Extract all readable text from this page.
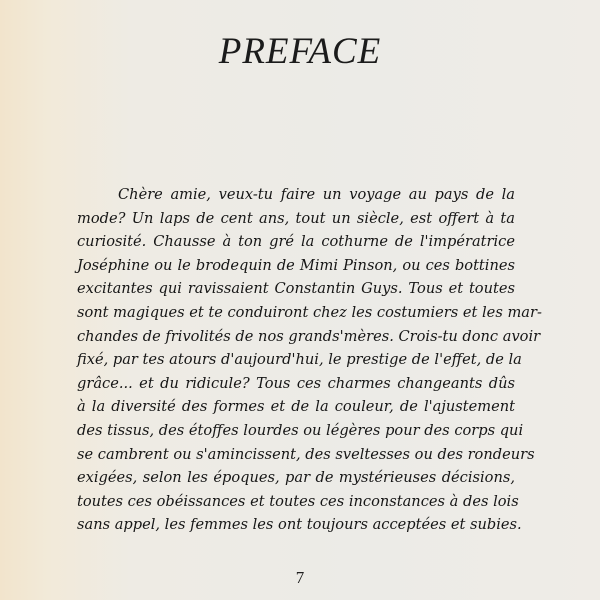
PREFACE
Chère amie, veux-tu faire un voyage au pays de la
mode? Un laps de cent ans, tout un siècle, est offert à ta
curiosité. Chausse à ton gré la cothurne de l'impératrice
Joséphine ou le brodequin de Mimi Pinson, ou ces bottines
excitantes qui ravissaient Constantin Guys. Tous et toutes
sont magiques et te conduiront chez les costumiers et les mar-
chandes de frivolités de nos grands'mères. Crois-tu donc avoir
fixé, par tes atours d'aujourd'hui, le prestige de l'effet, de la
grâce... et du ridicule? Tous ces charmes changeants dûs
à la diversité des formes et de la couleur, de l'ajustement
des tissus, des étoffes lourdes ou légères pour des corps qui
se cambrent ou s'amincissent, des sveltesses ou des rondeurs
exigées, selon les époques, par de mystérieuses décisions,
toutes ces obéissances et toutes ces inconstances à des lois
sans appel, les femmes les ont toujours acceptées et subies.
7
